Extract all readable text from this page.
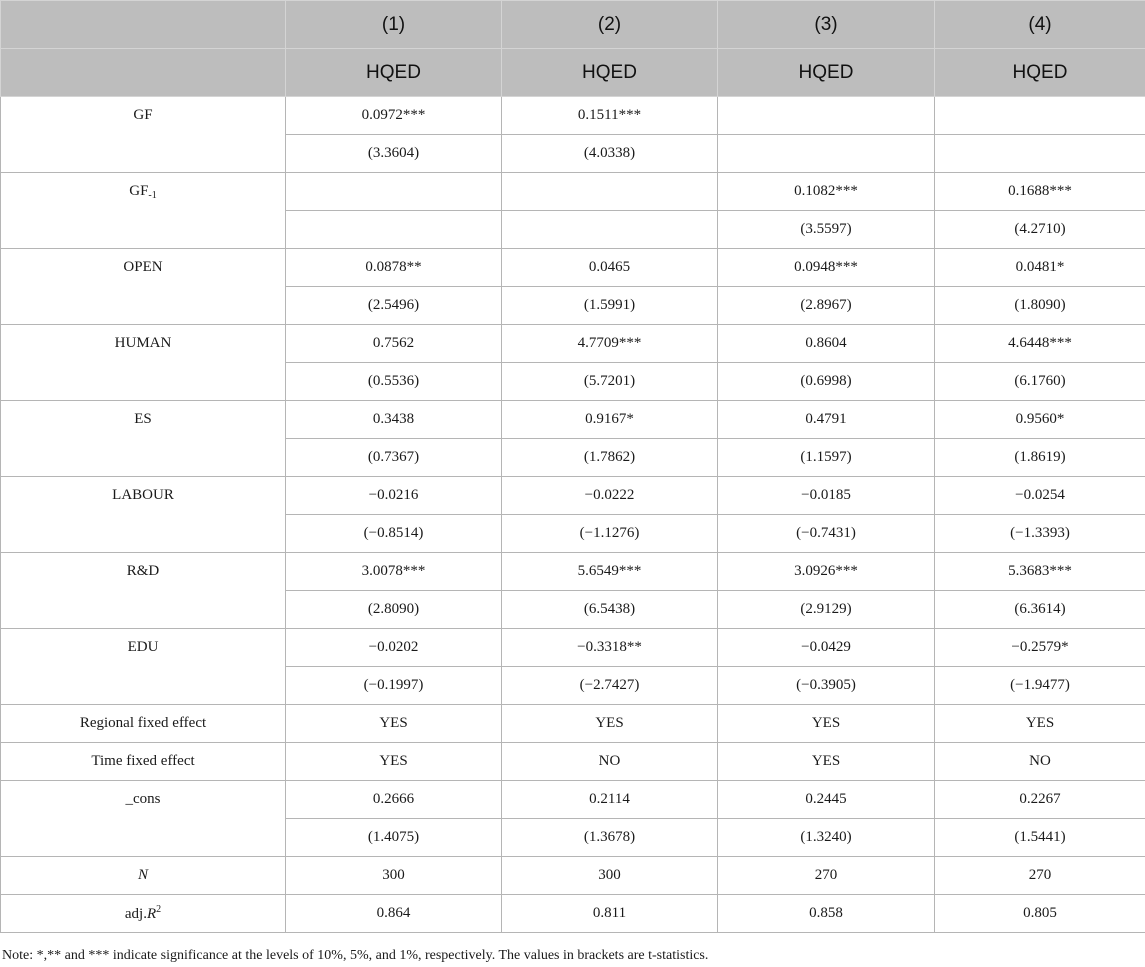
	(1)	(2)	(3)	(4)
	HQED	HQED	HQED	HQED
GF	0.0972***	0.1511***		
	(3.3604)	(4.0338)		
$GF_{-1}$			0.1082***	0.1688***
			(3.5597)	(4.2710)
OPEN	0.0878**	0.0465	0.0948***	0.0481*
	(2.5496)	(1.5991)	(2.8967)	(1.8090)
HUMAN	0.7562	4.7709***	0.8604	4.6448***
	(0.5536)	(5.7201)	(0.6998)	(6.1760)
ES	0.3438	0.9167*	0.4791	0.9560*
	(0.7367)	(1.7862)	(1.1597)	(1.8619)
LABOUR	−0.0216	−0.0222	−0.0185	−0.0254
	(−0.8514)	(−1.1276)	(−0.7431)	(−1.3393)
R&D	3.0078***	5.6549***	3.0926***	5.3683***
	(2.8090)	(6.5438)	(2.9129)	(6.3614)
EDU	−0.0202	−0.3318**	−0.0429	−0.2579*
	(−0.1997)	(−2.7427)	(−0.3905)	(−1.9477)
Regional fixed effect	YES	YES	YES	YES
Time fixed effect	YES	NO	YES	NO
_cons	0.2666	0.2114	0.2445	0.2267
	(1.4075)	(1.3678)	(1.3240)	(1.5441)
N	300	300	270	270
$adj.R^2$	0.864	0.811	0.858	0.805
Note: *,** and *** indicate significance at the levels of 10%, 5%, and 1%, respectively. The values in brackets are t-statistics.
